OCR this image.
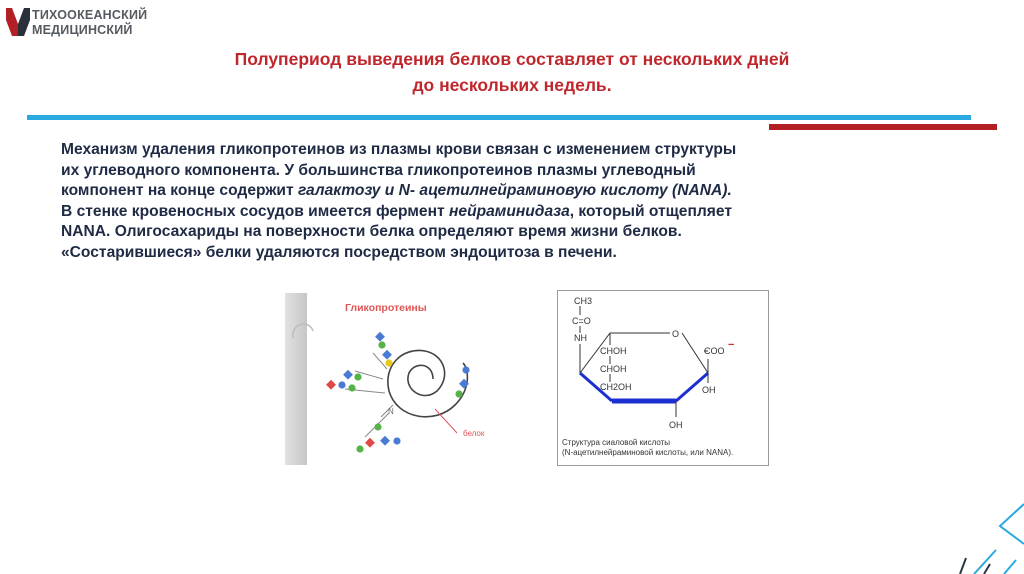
ТИХООКЕАНСКИЙ
МЕДИЦИНСКИЙ
Полупериод выведения белков составляет от нескольких дней
до нескольких недель.

Механизм удаления гликопротеинов из плазмы крови связан с изменением структуры

их углеводного компонента. У большинства гликопротеинов плазмы углеводный

компонент на конце содержит галактозу и N- ацетилнейраминовую кислоту (NANA).

В стенке кровеносных сосудов имеется фермент нейраминидаза, который отщепляет

NANA. Олигосахариды на поверхности белка определяют время жизни белков.

«Состарившиеся» белки удаляются посредством эндоцитоза в печени.

Гликопротеины
белок
N
CH3
C=O
NH	O
CHOH
CHOH
CH2OH
COO −
OH
OH
Структура сиаловой кислоты
(N-ацетилнейраминовой кислоты, или NANA).
